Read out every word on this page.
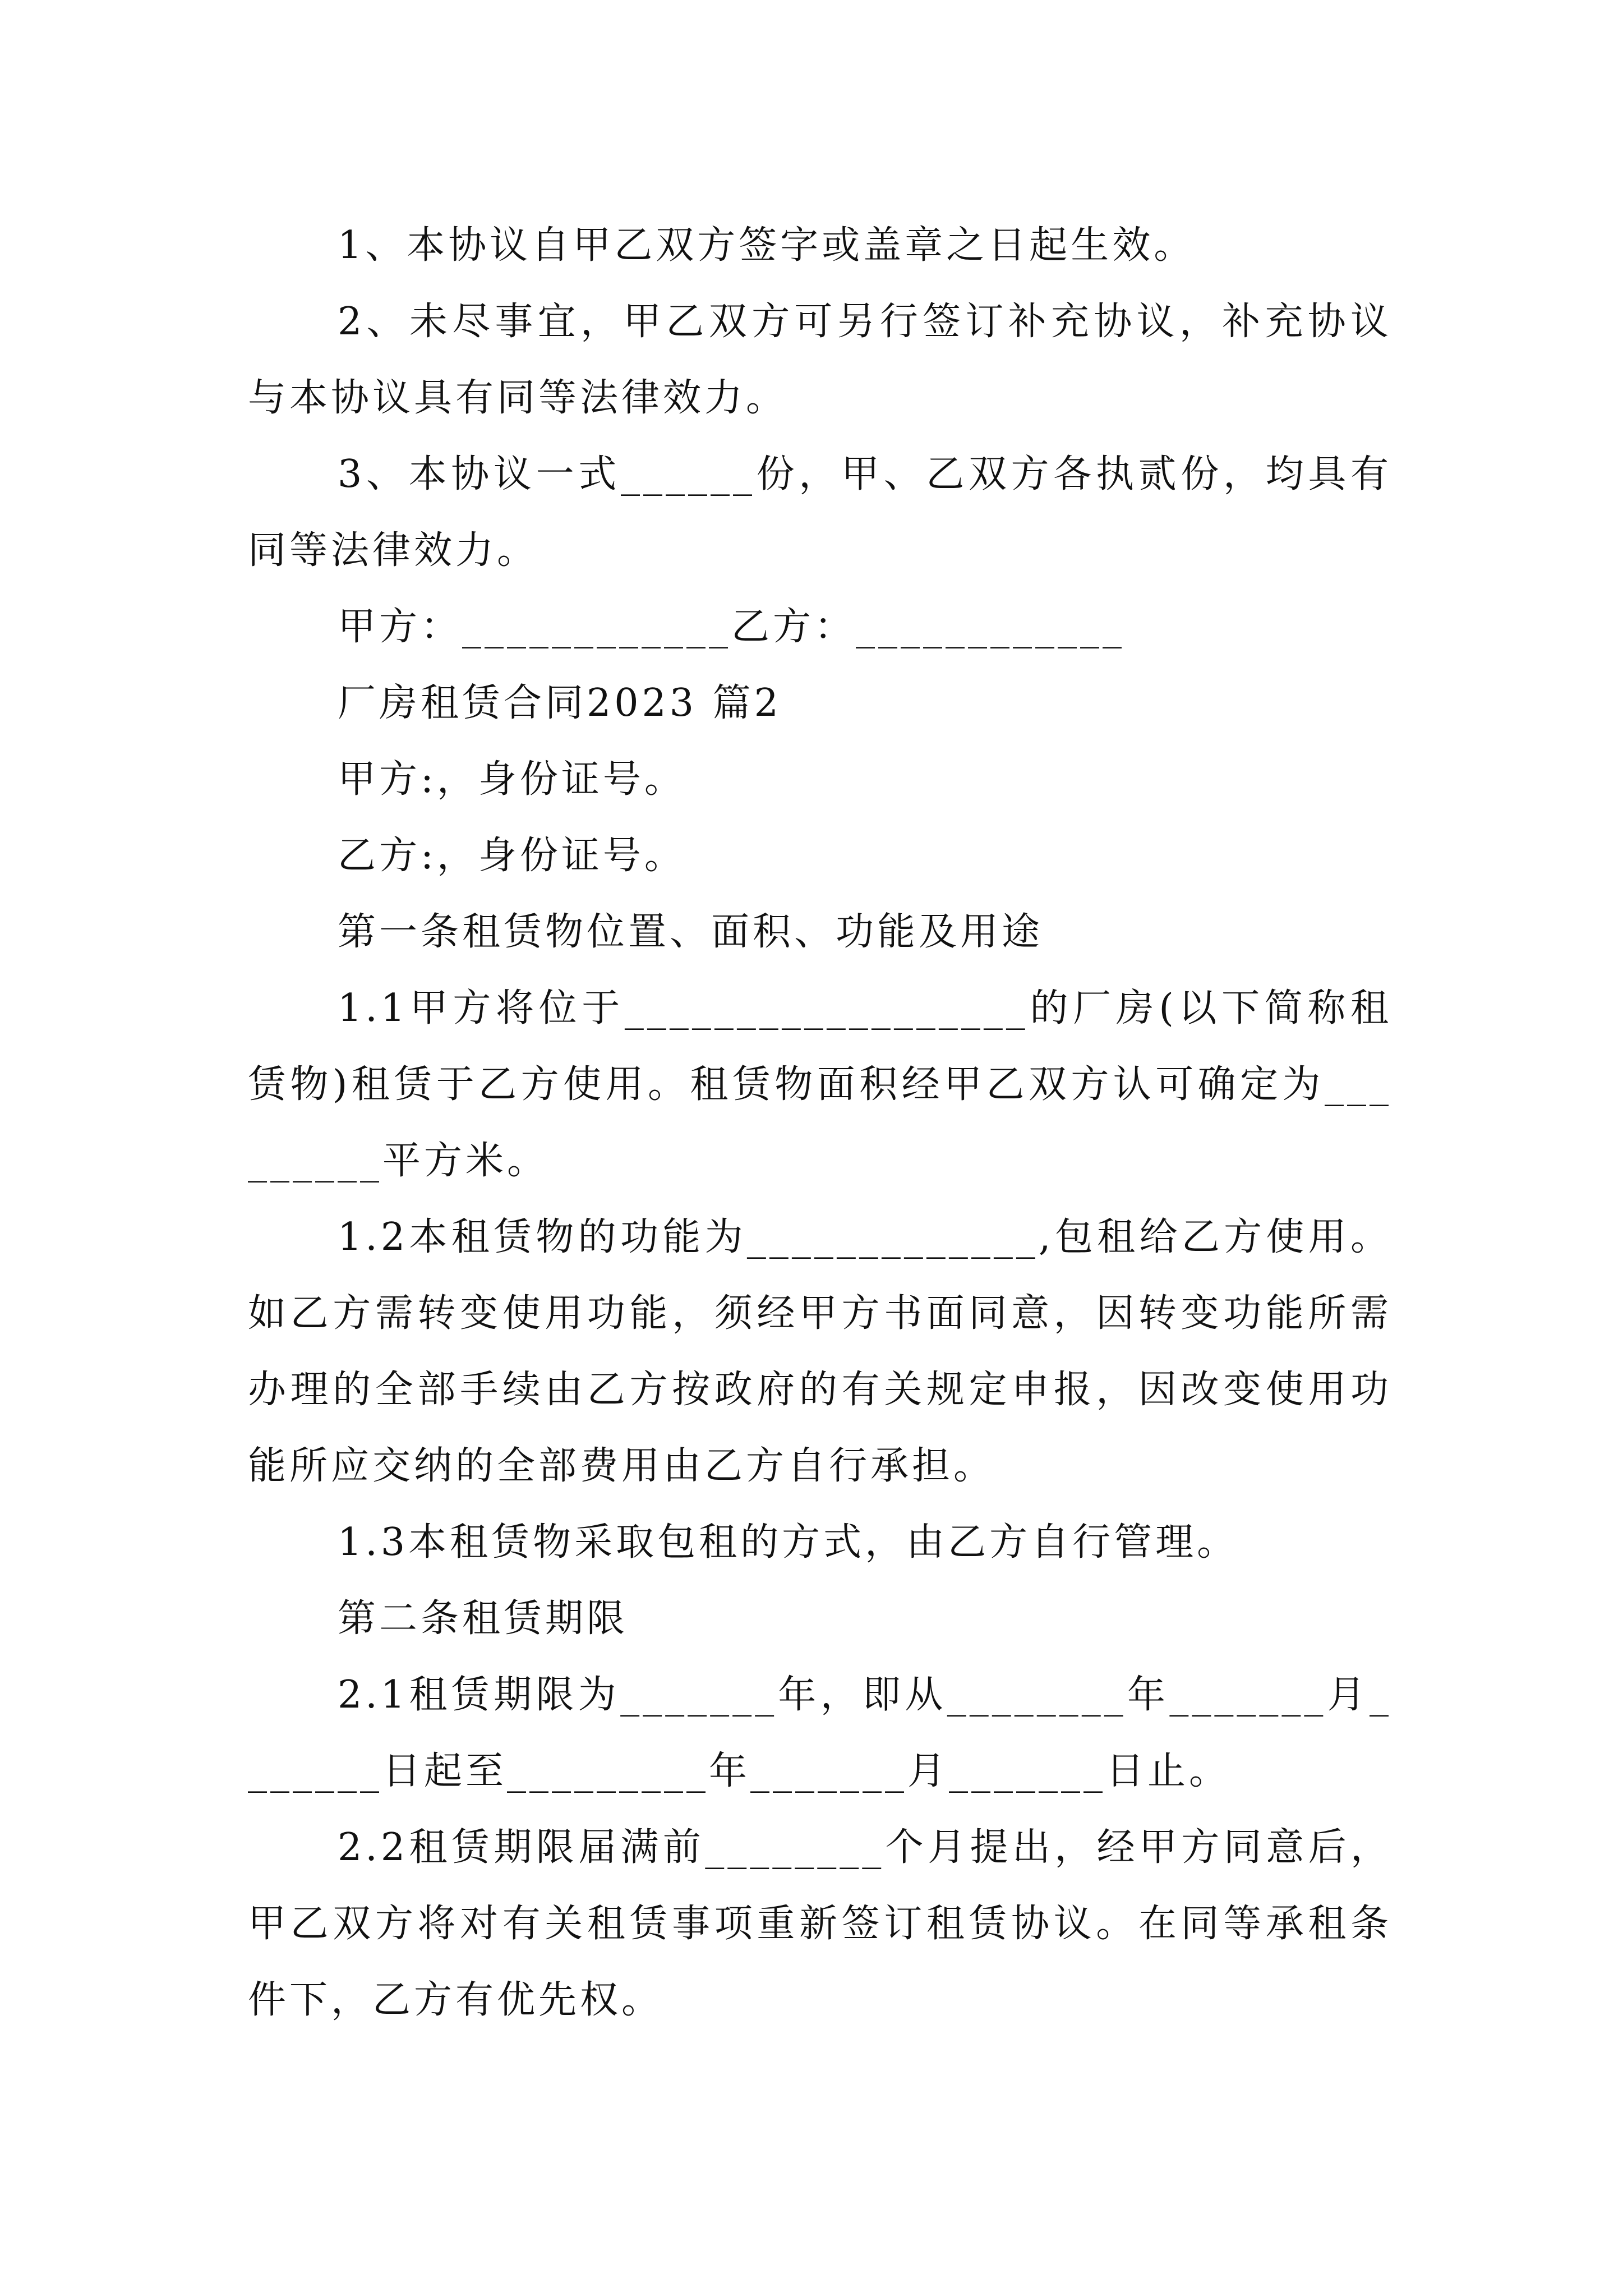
1、本协议自甲乙双方签字或盖章之日起生效。

2、未尽事宜，甲乙双方可另行签订补充协议，补充协议与本协议具有同等法律效力。

3、本协议一式______份，甲、乙双方各执贰份，均具有同等法律效力。

甲方：____________乙方：____________

厂房租赁合同2023 篇2

甲方:，身份证号。

乙方:，身份证号。

第一条租赁物位置、面积、功能及用途

1.1甲方将位于__________________的厂房(以下简称租赁物)租赁于乙方使用。租赁物面积经甲乙双方认可确定为_________平方米。

1.2本租赁物的功能为_____________,包租给乙方使用。如乙方需转变使用功能，须经甲方书面同意，因转变功能所需办理的全部手续由乙方按政府的有关规定申报，因改变使用功能所应交纳的全部费用由乙方自行承担。

1.3本租赁物采取包租的方式，由乙方自行管理。

第二条租赁期限

2.1租赁期限为_______年，即从________年_______月_______日起至_________年_______月_______日止。

2.2租赁期限届满前________个月提出，经甲方同意后，甲乙双方将对有关租赁事项重新签订租赁协议。在同等承租条件下，乙方有优先权。
